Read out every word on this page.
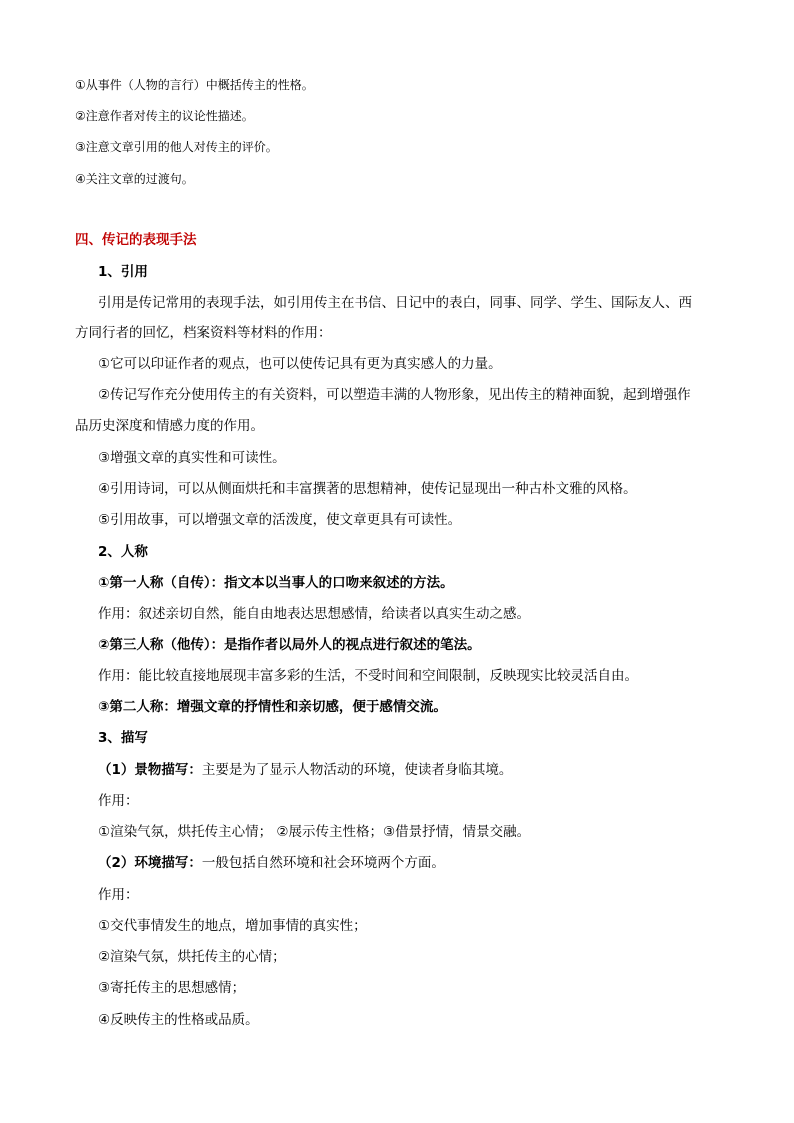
①从事件（人物的言行）中概括传主的性格。
②注意作者对传主的议论性描述。
③注意文章引用的他人对传主的评价。
④关注文章的过渡句。
四、传记的表现手法
1、引用
引用是传记常用的表现手法，如引用传主在书信、日记中的表白，同事、同学、学生、国际友人、西
方同行者的回忆，档案资料等材料的作用：
①它可以印证作者的观点，也可以使传记具有更为真实感人的力量。
②传记写作充分使用传主的有关资料，可以塑造丰满的人物形象，见出传主的精神面貌，起到增强作
品历史深度和情感力度的作用。
③增强文章的真实性和可读性。
④引用诗词，可以从侧面烘托和丰富撰著的思想精神，使传记显现出一种古朴文雅的风格。
⑤引用故事，可以增强文章的活泼度，使文章更具有可读性。
2、人称
①第一人称（自传）：指文本以当事人的口吻来叙述的方法。
作用：叙述亲切自然，能自由地表达思想感情，给读者以真实生动之感。
②第三人称（他传）：是指作者以局外人的视点进行叙述的笔法。
作用：能比较直接地展现丰富多彩的生活，不受时间和空间限制，反映现实比较灵活自由。
③第二人称：增强文章的抒情性和亲切感，便于感情交流。
3、描写
（1）景物描写：主要是为了显示人物活动的环境，使读者身临其境。
作用：
①渲染气氛，烘托传主心情； ②展示传主性格；③借景抒情，情景交融。
（2）环境描写：一般包括自然环境和社会环境两个方面。
作用：
①交代事情发生的地点，增加事情的真实性；
②渲染气氛，烘托传主的心情；
③寄托传主的思想感情；
④反映传主的性格或品质。
